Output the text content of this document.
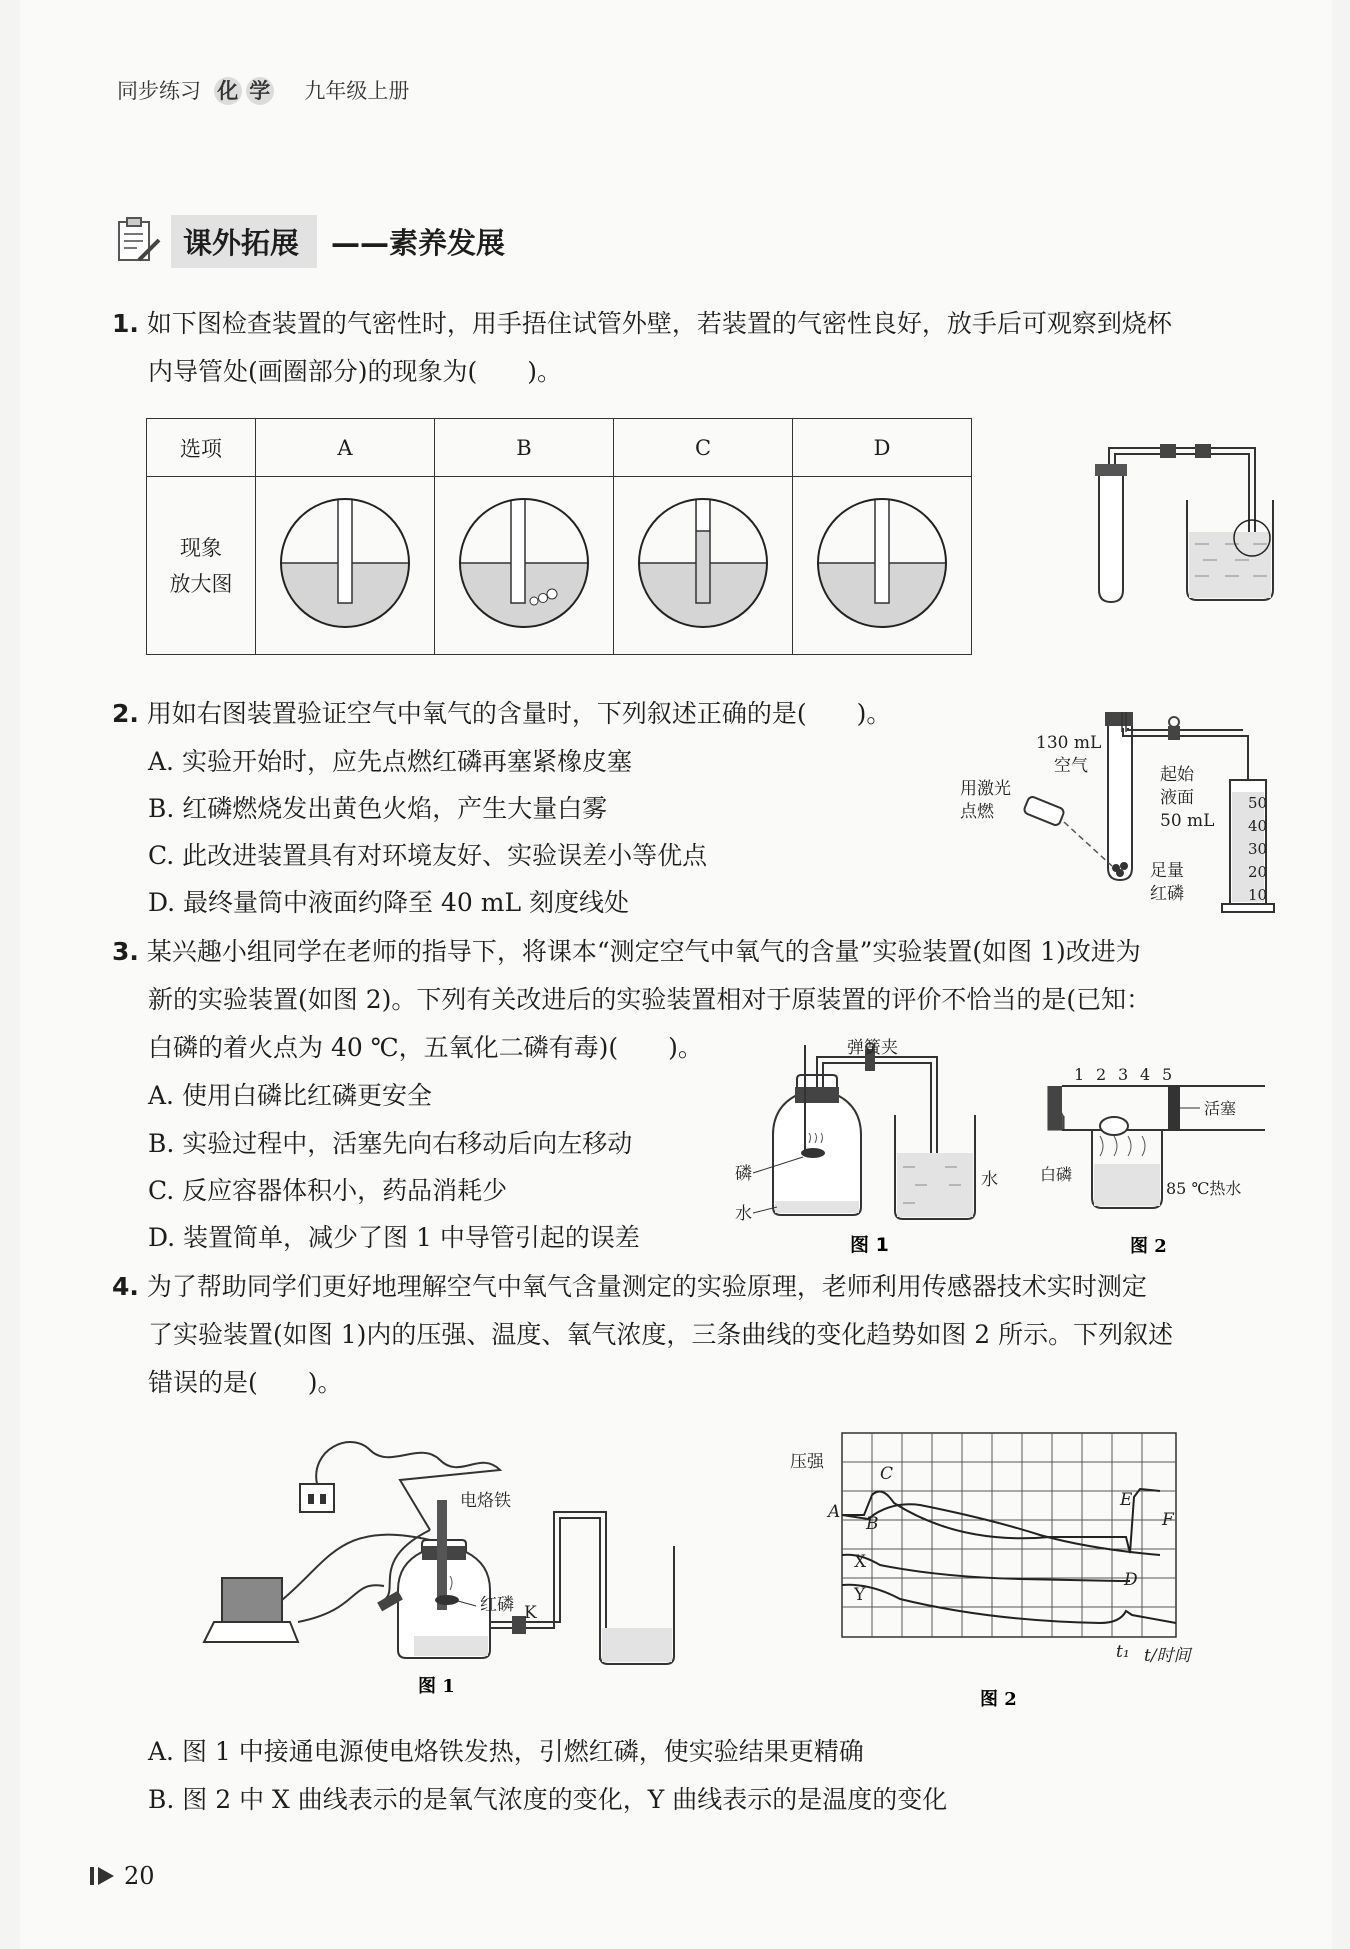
同步练习 化 学 九年级上册
课外拓展	——素养发展
1. 如下图检查装置的气密性时，用手捂住试管外壁，若装置的气密性良好，放手后可观察到烧杯
内导管处(画圈部分)的现象为(　　)。
选项	A	B	C	D

现象
放大图

2. 用如右图装置验证空气中氧气的含量时，下列叙述正确的是(　　)。
A. 实验开始时，应先点燃红磷再塞紧橡皮塞
B. 红磷燃烧发出黄色火焰，产生大量白雾
C. 此改进装置具有对环境友好、实验误差小等优点
D. 最终量筒中液面约降至 40 mL 刻度线处
50
40
30
20
10
130 mL
空气
用激光
点燃
起始
液面
50 mL
足量
红磷
3. 某兴趣小组同学在老师的指导下，将课本“测定空气中氧气的含量”实验装置(如图 1)改进为
新的实验装置(如图 2)。下列有关改进后的实验装置相对于原装置的评价不恰当的是(已知：
白磷的着火点为 40 ℃，五氧化二磷有毒)(　　)。
A. 使用白磷比红磷更安全
B. 实验过程中，活塞先向右移动后向左移动
C. 反应容器体积小，药品消耗少
D. 装置简单，减少了图 1 中导管引起的误差
弹簧夹
磷
水
水
图 1
1 2 3 4 5
活塞
白磷
85 ℃热水
图 2
4. 为了帮助同学们更好地理解空气中氧气含量测定的实验原理，老师利用传感器技术实时测定
了实验装置(如图 1)内的压强、温度、氧气浓度，三条曲线的变化趋势如图 2 所示。下列叙述
错误的是(　　)。
电烙铁
红磷 K
图 1
压强
A
B
C
D
E
F
X
Y
t₁ t/时间
图 2
A. 图 1 中接通电源使电烙铁发热，引燃红磷，使实验结果更精确
B. 图 2 中 X 曲线表示的是氧气浓度的变化，Y 曲线表示的是温度的变化
20
